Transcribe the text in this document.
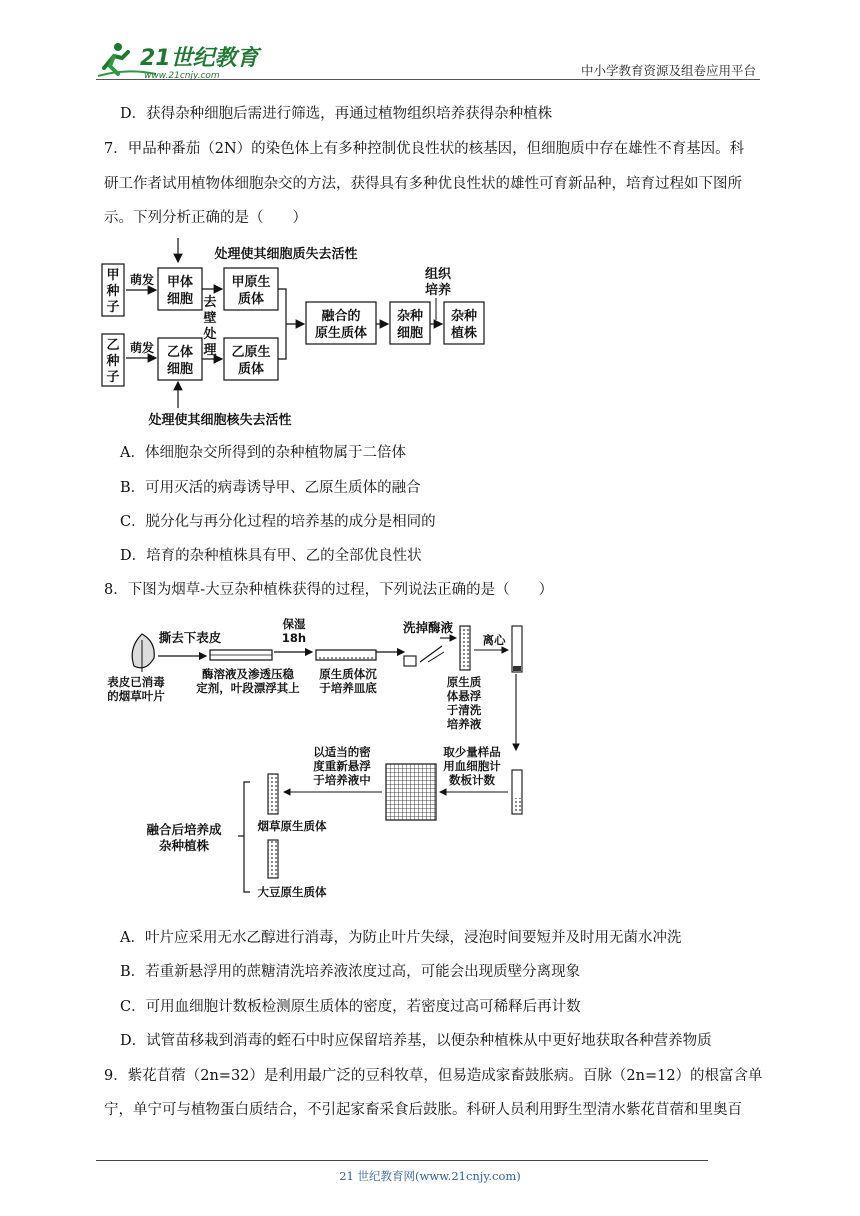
21世纪教育
www.21cnjy.com	中小学教育资源及组卷应用平台
D．获得杂种细胞后需进行筛选，再通过植物组织培养获得杂种植株
7．甲品种番茄（2N）的染色体上有多种控制优良性状的核基因，但细胞质中存在雄性不育基因。科
研工作者试用植物体细胞杂交的方法，获得具有多种优良性状的雄性可育新品种，培育过程如下图所
示。下列分析正确的是（　　）
处理使其细胞质失去活性
甲
种
子
乙
种
子
萌发
萌发
甲体
细胞
乙体
细胞
去
壁
处
理
甲原生
质体
乙原生
质体
融合的
原生质体
杂种
细胞
组织
培养
杂种
植株
处理使其细胞核失去活性
A．体细胞杂交所得到的杂种植物属于二倍体
B．可用灭活的病毒诱导甲、乙原生质体的融合
C．脱分化与再分化过程的培养基的成分是相同的
D．培育的杂种植株具有甲、乙的全部优良性状
8．下图为烟草-大豆杂种植株获得的过程，下列说法正确的是（　　）
撕去下表皮
表皮已消毒
的烟草叶片
酶溶液及渗透压稳
定剂，叶段漂浮其上
保湿
18h
原生质体沉
于培养皿底
洗掉酶液
离心
原生质
体悬浮
于清洗
培养液
取少量样品
用血细胞计
数板计数
以适当的密
度重新悬浮
于培养液中
烟草原生质体
大豆原生质体
融合后培养成
杂种植株
A．叶片应采用无水乙醇进行消毒，为防止叶片失绿，浸泡时间要短并及时用无菌水冲洗
B．若重新悬浮用的蔗糖清洗培养液浓度过高，可能会出现质壁分离现象
C．可用血细胞计数板检测原生质体的密度，若密度过高可稀释后再计数
D．试管苗移栽到消毒的蛭石中时应保留培养基，以便杂种植株从中更好地获取各种营养物质
9．紫花苜蓿（2n=32）是利用最广泛的豆科牧草，但易造成家畜鼓胀病。百脉（2n=12）的根富含单
宁，单宁可与植物蛋白质结合，不引起家畜采食后鼓胀。科研人员利用野生型清水紫花苜蓿和里奥百
21 世纪教育网(www.21cnjy.com)
